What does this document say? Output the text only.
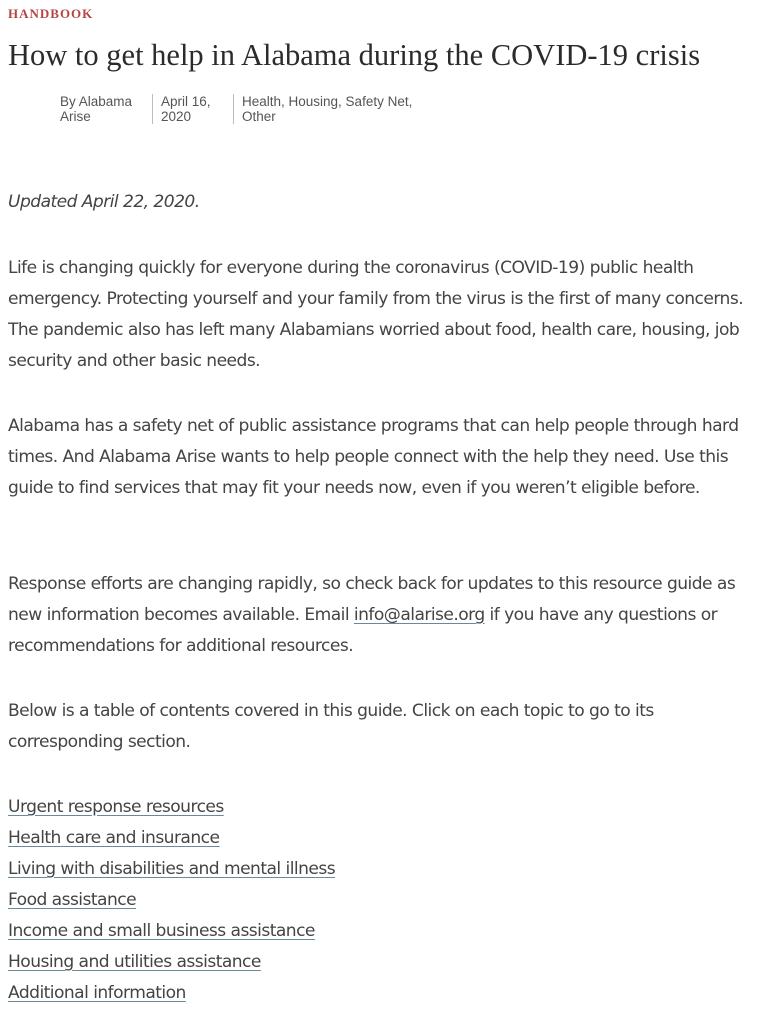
HANDBOOK
How to get help in Alabama during the COVID-19 crisis
By Alabama Arise
April 16, 2020
Health, Housing, Safety Net, Other

Updated April 22, 2020.

Life is changing quickly for everyone during the coronavirus (COVID-19) public health emergency. Protecting yourself and your family from the virus is the first of many concerns. The pandemic also has left many Alabamians worried about food, health care, housing, job security and other basic needs.

Alabama has a safety net of public assistance programs that can help people through hard times. And Alabama Arise wants to help people connect with the help they need. Use this guide to find services that may fit your needs now, even if you weren’t eligible before.

Response efforts are changing rapidly, so check back for updates to this resource guide as new information becomes available. Email info@alarise.org if you have any questions or recommendations for additional resources.

Below is a table of contents covered in this guide. Click on each topic to go to its corresponding section.

Urgent response resources
Health care and insurance
Living with disabilities and mental illness
Food assistance
Income and small business assistance
Housing and utilities assistance
Additional information
